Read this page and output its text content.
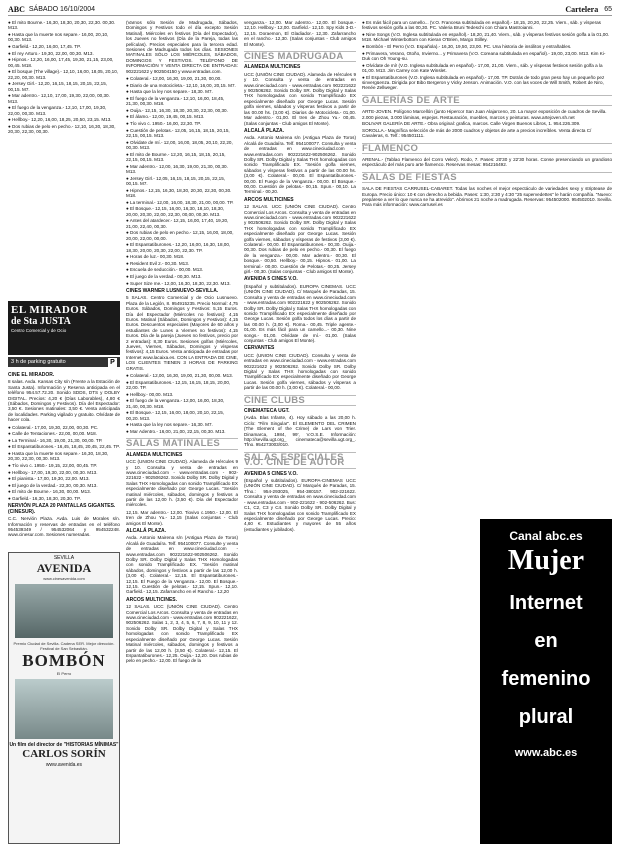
ABC SÁBADO 16/10/2004	Cartelera 65
● El mito Bourne.- 16,30, 18,30, 20,30, 22,30. 00,30. M13.
● Hasta que la muerte nos separe.- 16,00, 20,10, 00,30. M13.
● Garfield.- 12,20, 16,00, 17,45. TP.
● El rey Arturo.- 19,30, 22,00, 00,30. M13.
● Hipnos.- 12,20, 16,00, 17,45, 19,30, 21,15, 23,00, 00,45. M18.
● El bosque (The village).- 12,10, 16,00, 18,05, 20,10, 22,20, 00,30. M13.
● Jersey Girl.- 12,20, 16,15, 18,15, 20,15, 22,15, 00,15. M7.
● Mar adentro.- 12,10, 17,00, 19,30, 22,00, 00,30. M13.
● El fuego de la venganza.- 12,10, 17,00, 19,30, 22,00, 00,30. M13.
● Hellboy.- 12,20, 16,00, 18,25, 20,50, 23,15. M13.
● Dos rubias de pelo en pecho.- 12,10, 16,30, 18,30, 20,30, 22,30, 00,30.
EL MIRADOR
de Sta JUSTA
Centro Comercial y de Ocio
3 h de parking gratuito	P
CINE EL MIRADOR.
8 salas. Avda. Kansas City s/n (Frente a la Estación de Santa Justa). Información y Reserva anticipada en el teléfono 954.57.72.20. Sonido SDDS, DTS y DOLBY DIGITAL. Precios: 4,20 € (Días Laborables), 4,80 € (Sábados, Domingos y Festivos). Día del Espectador: 3,50 €. Sesiones matinales: 3,50 €. Venta anticipada de localidades. Parking vigilado y gratuito. Olvídate de hacer cola.
● Colateral.- 17,00, 19,30, 22,00, 00,30. PC.
● Calle de Tentaciones.- 22,00, 00,00. M18.
● La Terminal.- 16,30, 19,00, 21,30, 00,00. TP.
● El Espantatiburones.- 16,45, 18,45, 20,45, 22,45. TP.
● Hasta que la muerte nos separe.- 16,30, 18,30, 20,30, 22,30, 00,30. M13.
● Tío vivo c. 1950.- 19,15, 22,00, 00,45. TP.
● Hellboy.- 17,00, 19,30, 22,00, 00,30. M13.
● El pianista.- 17,00, 19,30, 22,00. M13.
● El juego de la verdad.- 22,30, 00,30. M13.
● El mito de Bourne.- 16,30, 00,00. M13.
● Garfield.- 16,30, 18,30, 20,30. TP.
NERVIÓN PLAZA 20 PANTALLAS GIGANTES. (CINESUR).
C.C. Nervión Plaza. Avda. Luis de Morales s/n. Información y reservas de entradas en el teléfono 954539349 / 954532064 y 954532248. www.cinesur.com. Sesiones numeradas.
SEVILLA
AVENIDA
www.cinesavenida.com
Premio Ciudad de Sevilla. Cadena SER. Mejor dirección. Festival de San Sebastián.
BOMBÓN
El Perro
Un film del director de "HISTORIAS MÍNIMAS"
CARLOS SORÍN
www.avenida.es
(Varnos sólo Sesión de Madrugada, Sábados, Domingos y Festivos todo el día excepto Sesión Matinal). Miércoles en festivos (Día del Espectador), los Jueves no festivos (Día de la Pareja, todas las películas). Precios especiales para la tercera edad. Sesiones de Madrugada todos los días. SESIONES MATINALES SÓLO LOS MIÉRCOLES, SÁBADOS, DOMINGOS Y FESTIVOS. TELÉFONO DE INFORMACIÓN Y VENTA DIRECTA DE ENTRADAS: 902221622 y 902504150 y www.entradas.com.
● Colateral.- 12,00, 16,30, 19,00, 21,30, 00,00.
● Diario de una motocicleta.- 12,10, 16,00, 20,15. M7.
● Hasta que la ley nos separe.- 18,30. M7.
● El fuego de la venganza.- 12,10, 16,00, 18,45, 21,30, 00,30. M18.
● Ouija.- 12,15, 16,30, 18,30, 20,30, 22,30, 00,30.
● El álamo.- 12,00, 19,45, 00,15. M13.
● Tío vivo c. 1950.- 16,00, 22,30. TP.
● Cuestión de pelotas.- 12,05, 16,15, 18,15, 20,15, 22,15, 00,15. M13.
● Olvidate de mí.- 12,00, 16,00, 18,05, 20,10, 22,20, 00,30. M13.
● El mito de Bourne.- 12,20, 16,15, 18,15, 20,15, 22,15, 00,15. M13.
● Mar adentro.- 12,00, 16,30, 19,00, 21,30, 00,30. M13.
● Jersey Girl.- 12,05, 16,15, 18,15, 20,15, 22,15, 00,15. M7.
● Hipnos.- 12,15, 16,30, 18,30, 20,30, 22,30, 00,30. M18.
● La terminal.- 12,00, 16,00, 18,30, 21,00, 00,00. TP.
● El Bosque.- 12,15, 16,00, 16,30, 18,10, 18,30, 20,00, 20,30, 22,00, 22,30, 00,00, 00,30. M13.
● Antes del atardecer.- 12,15, 16,00, 17,40, 19,20, 21,00, 22,40, 00,30.
● Dos rubias de pelo en pecho.- 12,15, 16,00, 18,00, 20,00, 22,00, 00,00.
● El Espantatiburones.- 12,20, 16,00, 16,30, 18,00, 18,30, 20,00, 20,30, 22,00, 22,30. TP.
● Horas de luz.- 00,30. M18.
● Resident Evil 2.- 00,30. M13.
● Escuela de seducción.- 00,00. M13.
● El juego de la verdad.- 00,30. M13.
● Super Size me.- 12,00, 16,30, 18,30, 22,30. M13.
CINES WARNER LUSNUEVO-SEVILLA.
5 SALAS. Centro Comercial y de Ocio Lusnuevo. Plaza de la Legión, 8. 954915235. Precio Normal: 4,75 Euros. Sábados, Domingos y Festivos: 5,15 Euros. Día del Espectador (Miércoles no festivos): 4,15 Euros. Matinal (Sábados, Domingos y Festivos): 4,15 Euros. Descuentos especiales (Mayores de 60 años y estudiantes de Lunes a Viernes no festivos): 4,15 Euros. Día de la pareja (Jueves no festivos, precio por 2 entradas): 8,30 Euros. Sesiones golfas (Miércoles, Jueves, Viernes, Sábados, Domingos y vísperas festivos): 4,15 Euros. Venta anticipada de entradas por Internet www.lacaixa.es. CON LA ENTRADA DE CINE, LOS CLIENTES TIENEN 3 HORAS DE PARKING GRATIS.
● Colateral.- 12,00, 16,30, 19,00, 21,30, 00,00. M13.
● El Espantatiburones.- 12,15, 16,15, 18,15, 20,00, 22,00. TP.
● Hellboy.- 00,00. M13.
● El fuego de la venganza.- 12,00, 16,00, 18,30, 21,40, 00,30. M18.
● El Bosque.- 12,15, 16,00, 18,00, 20,10, 22,15, 00,20. M13.
● Hasta que la ley nos separe.- 16,30. M7.
● Mar Adentro.- 16,00, 21,00, 22,15, 00,30. M13.
SALAS MATINALES
ALAMEDA MULTICINES
UCC (UNION CINE CIUDAD). Alameda de Hércules 9 y 10. Consulta y venta de entradas en www.cineciudad.com - www.entradas.com - 902-221622 - 902506262. Sonido Dolby SR. Dolby Digital y Salas THX Homologadas con sonido Tramplificado EX especialmente diseñado por George Lucas. "Sesión matinal miércoles, sábados, domingos y festivos a partir de las 12,00 h. (3,50 €). Día del Espectador miércoles.
12,15. Mar adentro.- 12,00. Tiovivo c.1950.- 12,00. El tren de Zhou Yu.- 12,15 (Salas conjuntas - Club amigos El Monte).
ALCALÁ PLAZA.
Avda. Antonio Mairena s/n (Antigua Plaza de Toros) Alcalá de Guadaíra. Telf. 954100077. Consulte y venta de entradas en www.cineciudad.com - www.entradas.com 902221622-902506262. Sonido Dolby SR. Dolby Digital y Salas THX Homologadas con sonido Tramplificado EX. "Sesión matinal sábados, domingos y festivos a partir de las 12,00 h. (3,00 €). Colateral.- 12,15. El Espantatiburones.- 12,15. El Fuego de la Venganza.- 12,00. El Bosque.- 12,15. Cuestión de pelotas.- 12,15. Spun.- 12,10. Garfield.- 12,15. Zafarrancho en el Rancho.- 12,20
ARCOS MULTICINES.
12 SALAS. UCC (UNIÓN CINE CIUDAD). Centro Comercial Los Arcos. Consulta y venta de entradas en www.cineciudad.com - www.entradas.com 902221622, 902506262. Salas 1, 2, 3, 4, 5, 6, 7, 8, 9, 10, 11 y 12. Sonido Dolby SR. Dolby Digital y Salas THX homologadas con sonido Tramplificado EX especialmente diseñado por George Lucas. Sesión Matinal miércoles, sábados, domingos y festivos a partir de las 12,00 h. (3,50 €). Colateral.- 12,15. El Espantatiburones.- 12,25. Ouija.- 12,20. Dos rubias de pelo en pecho.- 12,00. El fuego de la
venganza.- 12,00. Mar adentro.- 12,00. El bosque.- 12,10. Hellboy.- 12,00. Garfield.- 12,10. Spy Kids 3-D.- 12,15. Doraemon, El Gladiador.- 12,30. Zafarrancho en el rancho.- 12,30. (Salas conjuntas - Club amigos El Monte).
CINES MADRUGADA
ALAMEDA MULTICINES
UCC (UNIÓN CINE CIUDAD). Alameda de Hércules 9 y 10. Consulta y venta de entradas en www.cineciudad.com - www.entradas.com 902221622 y 902506262. Sonido Dolby SR. Dolby Digital y Salas THX homologadas con sonido Tramplificado EX especialmente diseñado por George Lucas. Sesión golfa viernes, sábados y vísperas festivos a partir de las 00.00 hs. (3,00 €). Diarios de Motocicleta.- 01,00. Mar adentro.- 01,00. El tren de Zhou Yu.- 00,45. (Salas conjuntas - Club amigos El Monte).
ALCALÁ PLAZA.
Avda. Antonio Mairena s/n (Antigua Plaza de Toros) Alcalá de Guadaíra. Telf. 954100077. Consulta y venta de entradas en www.cineciudad.com - www.entradas.com 902221622-902506262. Sonido Dolby SR. Dolby Digital y Salas THX homologadas con sonido Tramplificado EX. "Sesión golfa viernes, sábados y vísperas festivos a partir de las 00.00 hs. (3,00 €). Colateral.- 00,00. El Espantatiburones.- 00,00. El Fuego de la Venganza.- 00,00. El Bosque.- 00,00. Cuestión de pelotas.- 00,15. Spun.- 00,10. La Terminal.- 00,20.
ARCOS MULTICINES
12 SALAS. UCC (UNIÓN CINE CIUDAD). Centro Comercial Los Arcos. Consulta y venta de entradas en www.cineciudad.com - www.entradas.com 902221622 y 902506262. Sonido Dolby SR. Dolby Digital y Salas THX homologadas con sonido Tramplificado EX especialmente diseñado por George Lucas. Sesión golfa viernes, sábados y vísperas de festivos (3,00 €). Colateral.- 00,00. El Espantatiburones.- 00,30. Ouija.- 00,30. Dos rubias de pelo en pecho.- 00,30. El fuego de la venganza.- 00,00. Mar adentro.- 00,30. El bosque.- 00,50. Hellboy.- 00,15. Hipnos.- 01,00. La terminal.- 00,00. Cuestión de Pelotas.- 00,25. Jersey girl.- 00,30. (Salas conjuntas - Club amigos El Monte).
AVENIDA 5 CINES V.O.
(Español y subtitulados). EUROPA CINEMAS. UCC (UNIÓN CINE CIUDAD). C/ Marqués de Paradas, 15. Consulta y venta de entradas en www.cineciudad.com - www.entradas.com 902221622 y 902506262. Sonido Dolby SR. Dolby Digital y Salas THX homologadas con sonido Tramplificado EX especialmente diseñado por George Lucas. Sesión golfa todos los días a partir de las 00.00 h. (3,00 €). Roma.- 00,45. Triple agente.- 01,00. Es más fácil para un camello...- 00,30. Nine songs.- 01,00. Olvídate de mí.- 01,00. (Salas conjuntas - Club amigos El Monte).
CERVANTES
UCC (UNION CINE CIUDAD). Consulta y venta de entradas en www.cineciudad.com - www.entradas.com 902221622 y 902506262. Sonido Dolby SR. Dolby Digital y Salas THX homologadas con sonido Tramplificado EX especialmente diseñado por George Lucas. Sesión golfa viernes, sábados y vísperas a partir de las 00.00 h. (3,00 €). Colateral.- 00,00.
CINE CLUBS
CINEMATECA UGT.
(Avda. Blas Infante, 4). Hoy sábado a las 20,00 h. Ciclo: "Film Singular". El ELEMENTO DEL CRIMEN (The Element of the Crime) de Lars von Trier. Dinamarca, 1984, 99', V.O.S.E. Información: http://sevilla.ugt.org_ cinemateca@sevilla.ugt.org_. Tfno. 954273003/010.
SALAS ESPECIALES V.O. CINE DE AUTOR
AVENIDA 5 CINES V.O.
(Español y subtitulados). EUROPA-CINEMAS UCC (UNIÓN CINE CIUDAD). C/ Marqués de Paradas, 15. Tfno.: 954-293025, 954-380157. 902-221622. Consulta y venta de entradas en www.cineciudad.com - www.entradas.com - 902-221622 - 902-506262. Bus: C1, C2, C3 y C4. Sonido Dolby SR. Dolby Digital y Salas THX homologadas con sonido Tramplificado EX especialmente diseñado por George Lucas. Precio: 4,60 €. Estudiantes y mayores de 55 años (estudiantes y jubilados).
● Es más fácil para un camello... (V.O. Francesa subtitulada en español).- 18,15, 20,20, 22,25. Viern., sáb. y vísperas festivos sesión golfa a las 00,30. PC. Valeria Bruni Tedeschi con Chiara Mastroianni.
● Nine Songs (V.O. Inglesa subtitulada en español).- 18,20, 21,40. Viern., sáb. y vísperas festivos sesión golfa a la 01,00. M18. Michael Winterbottom con Kieran O'Brien, Margo Stilley.
● Bombón - El Perro (V.O. Española).- 16,30, 19,50, 23,00. PC. Una historia de insólitos y entrañables.
● Primavera, Verano, Otoño, Invierno... y Primavera (V.O. Coreana subtitulada en español).- 19,00, 23,00. M13. Kim Ki-Duk con Oh Young-su.
● Olvídate de mí! (V.O. Inglesa subtitulada en español).- 17,00, 21,00. Viern., sáb. y vísperas festivos sesión golfa a la 01,00. M13. Jim Carrey con Kate Winslet.
● El Espantatiburones (V.O. Inglesa subtitulada en español).- 17,00. TP. Dotrás de todo gran peso hay un pequeño pez sinvergüenza. Dirigida por Bibo Bergeron y Vicky Jenson. Animación. V.O. con las voces de Will Smith, Robert de Niro, Renée Zellweger.
GALERÍAS DE ARTE
ARTE-JOVEN. Polígono Marcellón (junto Hipercor San Juan Alajarceno, 20. La mayor exposición de cuadros de Sevilla. 2.000 piezas, 3.000 láminas, espejos. Restauración, muebles, marcos y peinturas. www.artejoven.sh.net
BOLIVAR GALERÍA DE ARTE.- Obra original: grafica, marcos. Calle Virgen Buenos Libros, 1. 954.226.309.
SOROLLA.- Magnífica selección de más de 2000 cuadros y objetos de arte a precios increíbles. Venta directa C/ Cavaleras, 6. Telf.: 954501111.
FLAMENCO
ARENAL.- (Tablao Flamenco del Corro Velez). Rodo, 7. Pases: 20'30 y 22'30 horas. Conse presenciando un grandioso espectáculo del más puro arte flamenco. Reservas mesas: 954216492.
SALAS DE FIESTAS
SALA DE FIESTAS CARRUSEL-CABARET. Todas las noches el mejor espectáculo de variedades sexy y striptease de Europa. Precio único: 10 € con derecho a bebida. Pases: 1:30, 2:30 y 4:30 "25 supervedettes" le harán compañía. "Nuevo: prepárese a ver lo que nunca se ha atrevido". Abrimos 21 noche a madrugada. Reservas: 954502000. 954502010. Sevilla. Para más información: www.carrusel.es
Canal abc.es
Mujer
Internet
en
femenino
plural
www.abc.es
